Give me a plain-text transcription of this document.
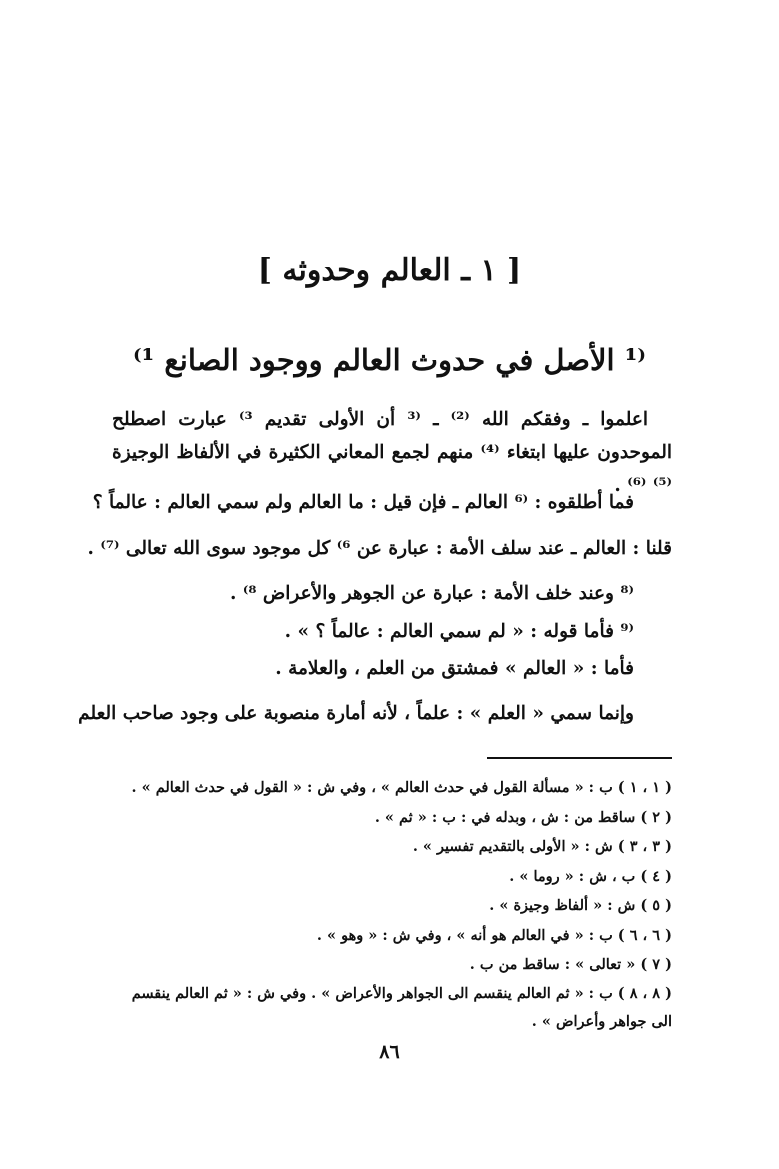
[ ١ ـ العالم وحدوثه ]
⁽¹ الأصل في حدوث العالم ووجود الصانع ¹⁾
اعلموا ـ وفقكم الله ⁽²⁾ ـ ⁽³ أن الأولى تقديم ³⁾ عبارت اصطلح الموحدون عليها ابتغاء ⁽⁴⁾ منهم لجمع المعاني الكثيرة في الألفاظ الوجيزة ⁽⁵⁾ ⁽⁶⁾ .
فما أطلقوه : ⁽⁶ العالم ـ فإن قيل : ما العالم ولم سمي العالم : عالماً ؟
قلنا : العالم ـ عند سلف الأمة : عبارة عن ⁶⁾ كل موجود سوى الله تعالى ⁽⁷⁾ .
⁽⁸ وعند خلف الأمة : عبارة عن الجوهر والأعراض ⁸⁾ .
⁽⁹ فأما قوله : « لم سمي العالم : عالماً ؟ » .
فأما : « العالم » فمشتق من العلم ، والعلامة .
وإنما سمي « العلم » : علماً ، لأنه أمارة منصوبة على وجود صاحب العلم
( ١ ، ١ ) ب : « مسألة القول في حدث العالم » ، وفي ش : « القول في حدث العالم » .
( ٢ ) ساقط من : ش ، وبدله في : ب : « ثم » .
( ٣ ، ٣ ) ش : « الأولى بالتقديم تفسير » .
( ٤ ) ب ، ش : « روما » .
( ٥ ) ش : « ألفاظ وجيزة » .
( ٦ ، ٦ ) ب : « في العالم هو أنه » ، وفي ش : « وهو » .
( ٧ ) « تعالى » : ساقط من ب .
( ٨ ، ٨ ) ب : « ثم العالم ينقسم الى الجواهر والأعراض » . وفي ش : « ثم العالم ينقسم الى جواهر وأعراض » .
٨٦
